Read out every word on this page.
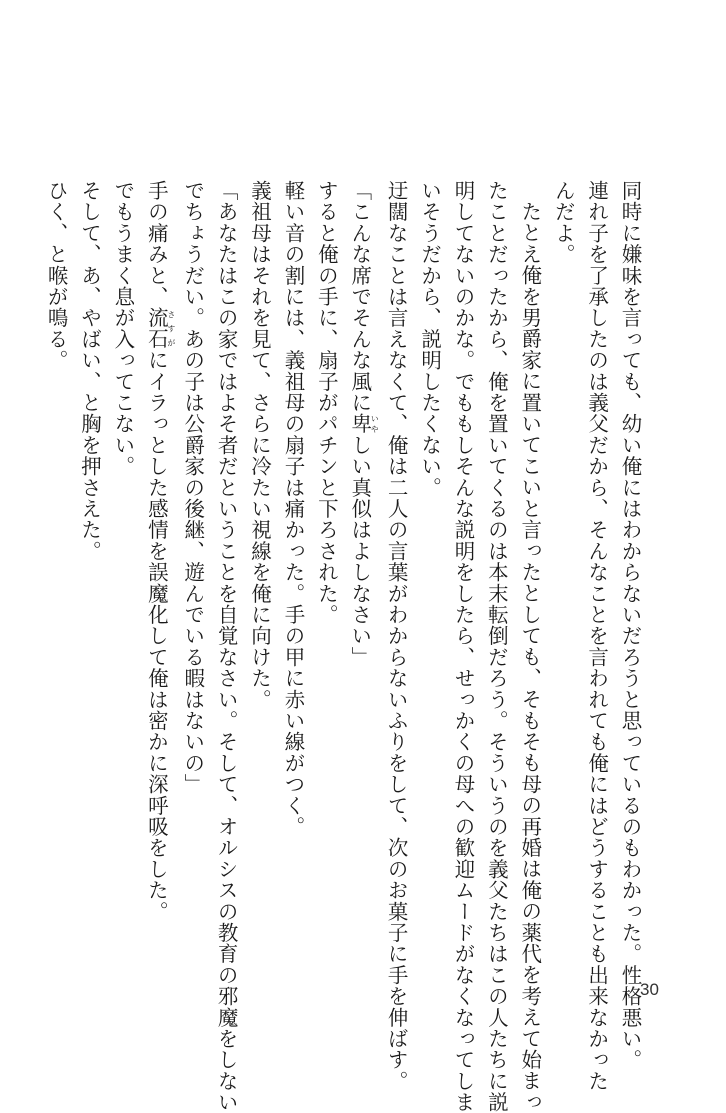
同時に嫌味を言っても、幼い俺にはわからないだろうと思っているのもわかった。性格悪い。
連れ子を了承したのは義父だから、そんなことを言われても俺にはどうすることも出来なかった
んだよ。
たとえ俺を男爵家に置いてこいと言ったとしても、そもそも母の再婚は俺の薬代を考えて始まっ
たことだったから、俺を置いてくるのは本末転倒だろう。そういうのを義父たちはこの人たちに説
明してないのかな。でももしそんな説明をしたら、せっかくの母への歓迎ムードがなくなってしま
いそうだから、説明したくない。
迂闊なことは言えなくて、俺は二人の言葉がわからないふりをして、次のお菓子に手を伸ばす。
「こんな席でそんな風に卑いやしい真似はよしなさい」
すると俺の手に、扇子がパチンと下ろされた。
軽い音の割には、義祖母の扇子は痛かった。手の甲に赤い線がつく。
義祖母はそれを見て、さらに冷たい視線を俺に向けた。
「あなたはこの家ではよそ者だということを自覚なさい。そして、オルシスの教育の邪魔をしない
でちょうだい。あの子は公爵家の後継、遊んでいる暇はないの」
手の痛みと、流石さすがにイラっとした感情を誤魔化して俺は密かに深呼吸をした。
でもうまく息が入ってこない。
そして、あ、やばい、と胸を押さえた。
ひく、と喉が鳴る。
30
